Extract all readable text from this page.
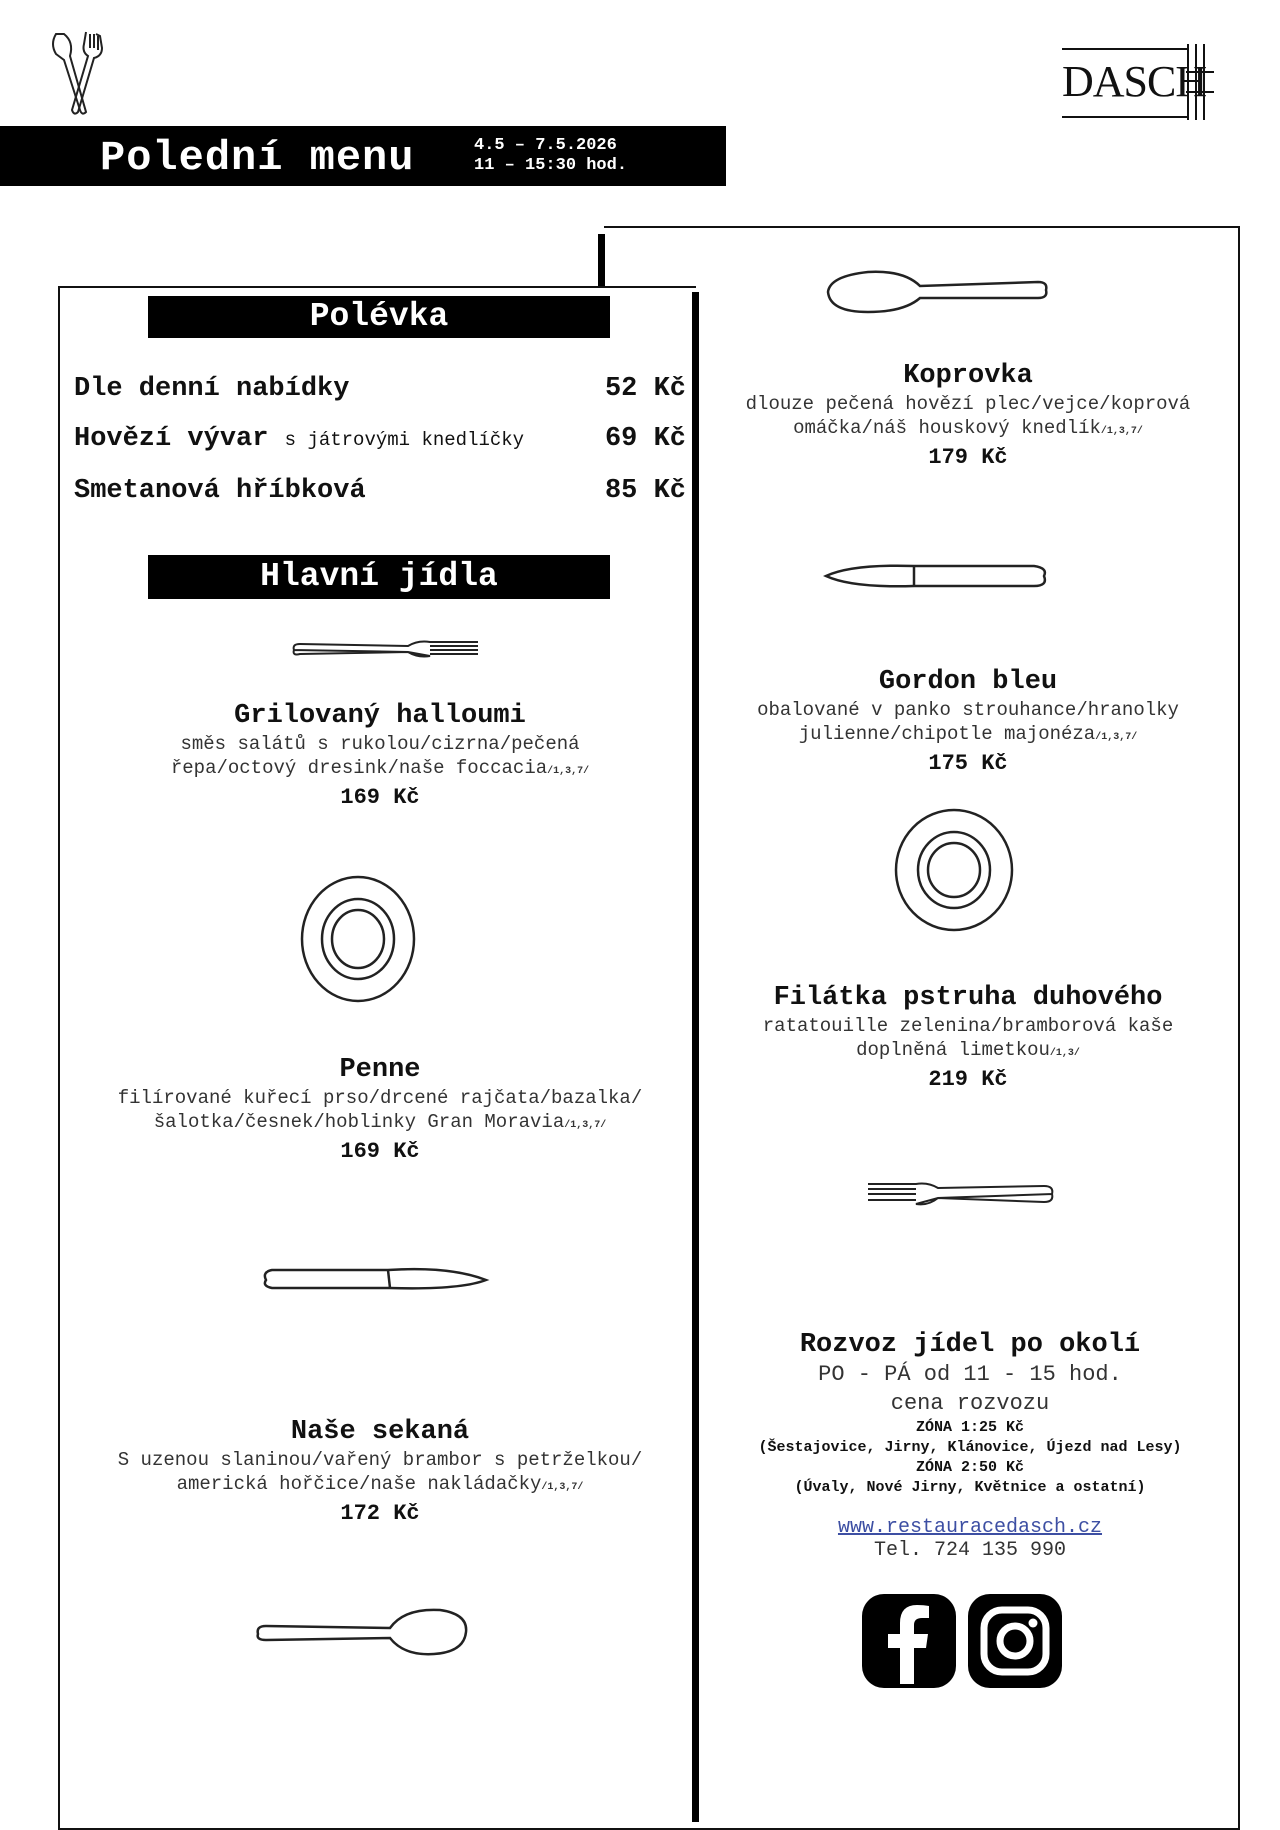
DASCH
Polední menu	4.5 – 7.5.2026
11 – 15:30 hod.
Polévka
Dle denní nabídky	52 Kč
Hovězí vývar s játrovými knedlíčky	69 Kč
Smetanová hříbková	85 Kč
Hlavní jídla
Grilovaný halloumi
směs salátů s rukolou/cizrna/pečená řepa/octový dresink/naše foccacia/1,3,7/
169 Kč
Penne
filírované kuřecí prso/drcené rajčata/bazalka/šalotka/česnek/hoblinky Gran Moravia/1,3,7/
169 Kč
Naše sekaná
S uzenou slaninou/vařený brambor s petrželkou/ americká hořčice/naše nakládačky/1,3,7/
172 Kč
Koprovka
dlouze pečená hovězí plec/vejce/koprová omáčka/náš houskový knedlík/1,3,7/
179 Kč
Gordon bleu
obalované v panko strouhance/hranolky julienne/chipotle majonéza/1,3,7/
175 Kč
Filátka pstruha duhového
ratatouille zelenina/bramborová kaše doplněná limetkou/1,3/
219 Kč
Rozvoz jídel po okolí
PO - PÁ od 11 - 15 hod.
cena rozvozu
ZÓNA 1:25 Kč
(Šestajovice, Jirny, Klánovice, Újezd nad Lesy)
ZÓNA 2:50 Kč
(Úvaly, Nové Jirny, Květnice a ostatní)
www.restauracedasch.cz
Tel. 724 135 990
